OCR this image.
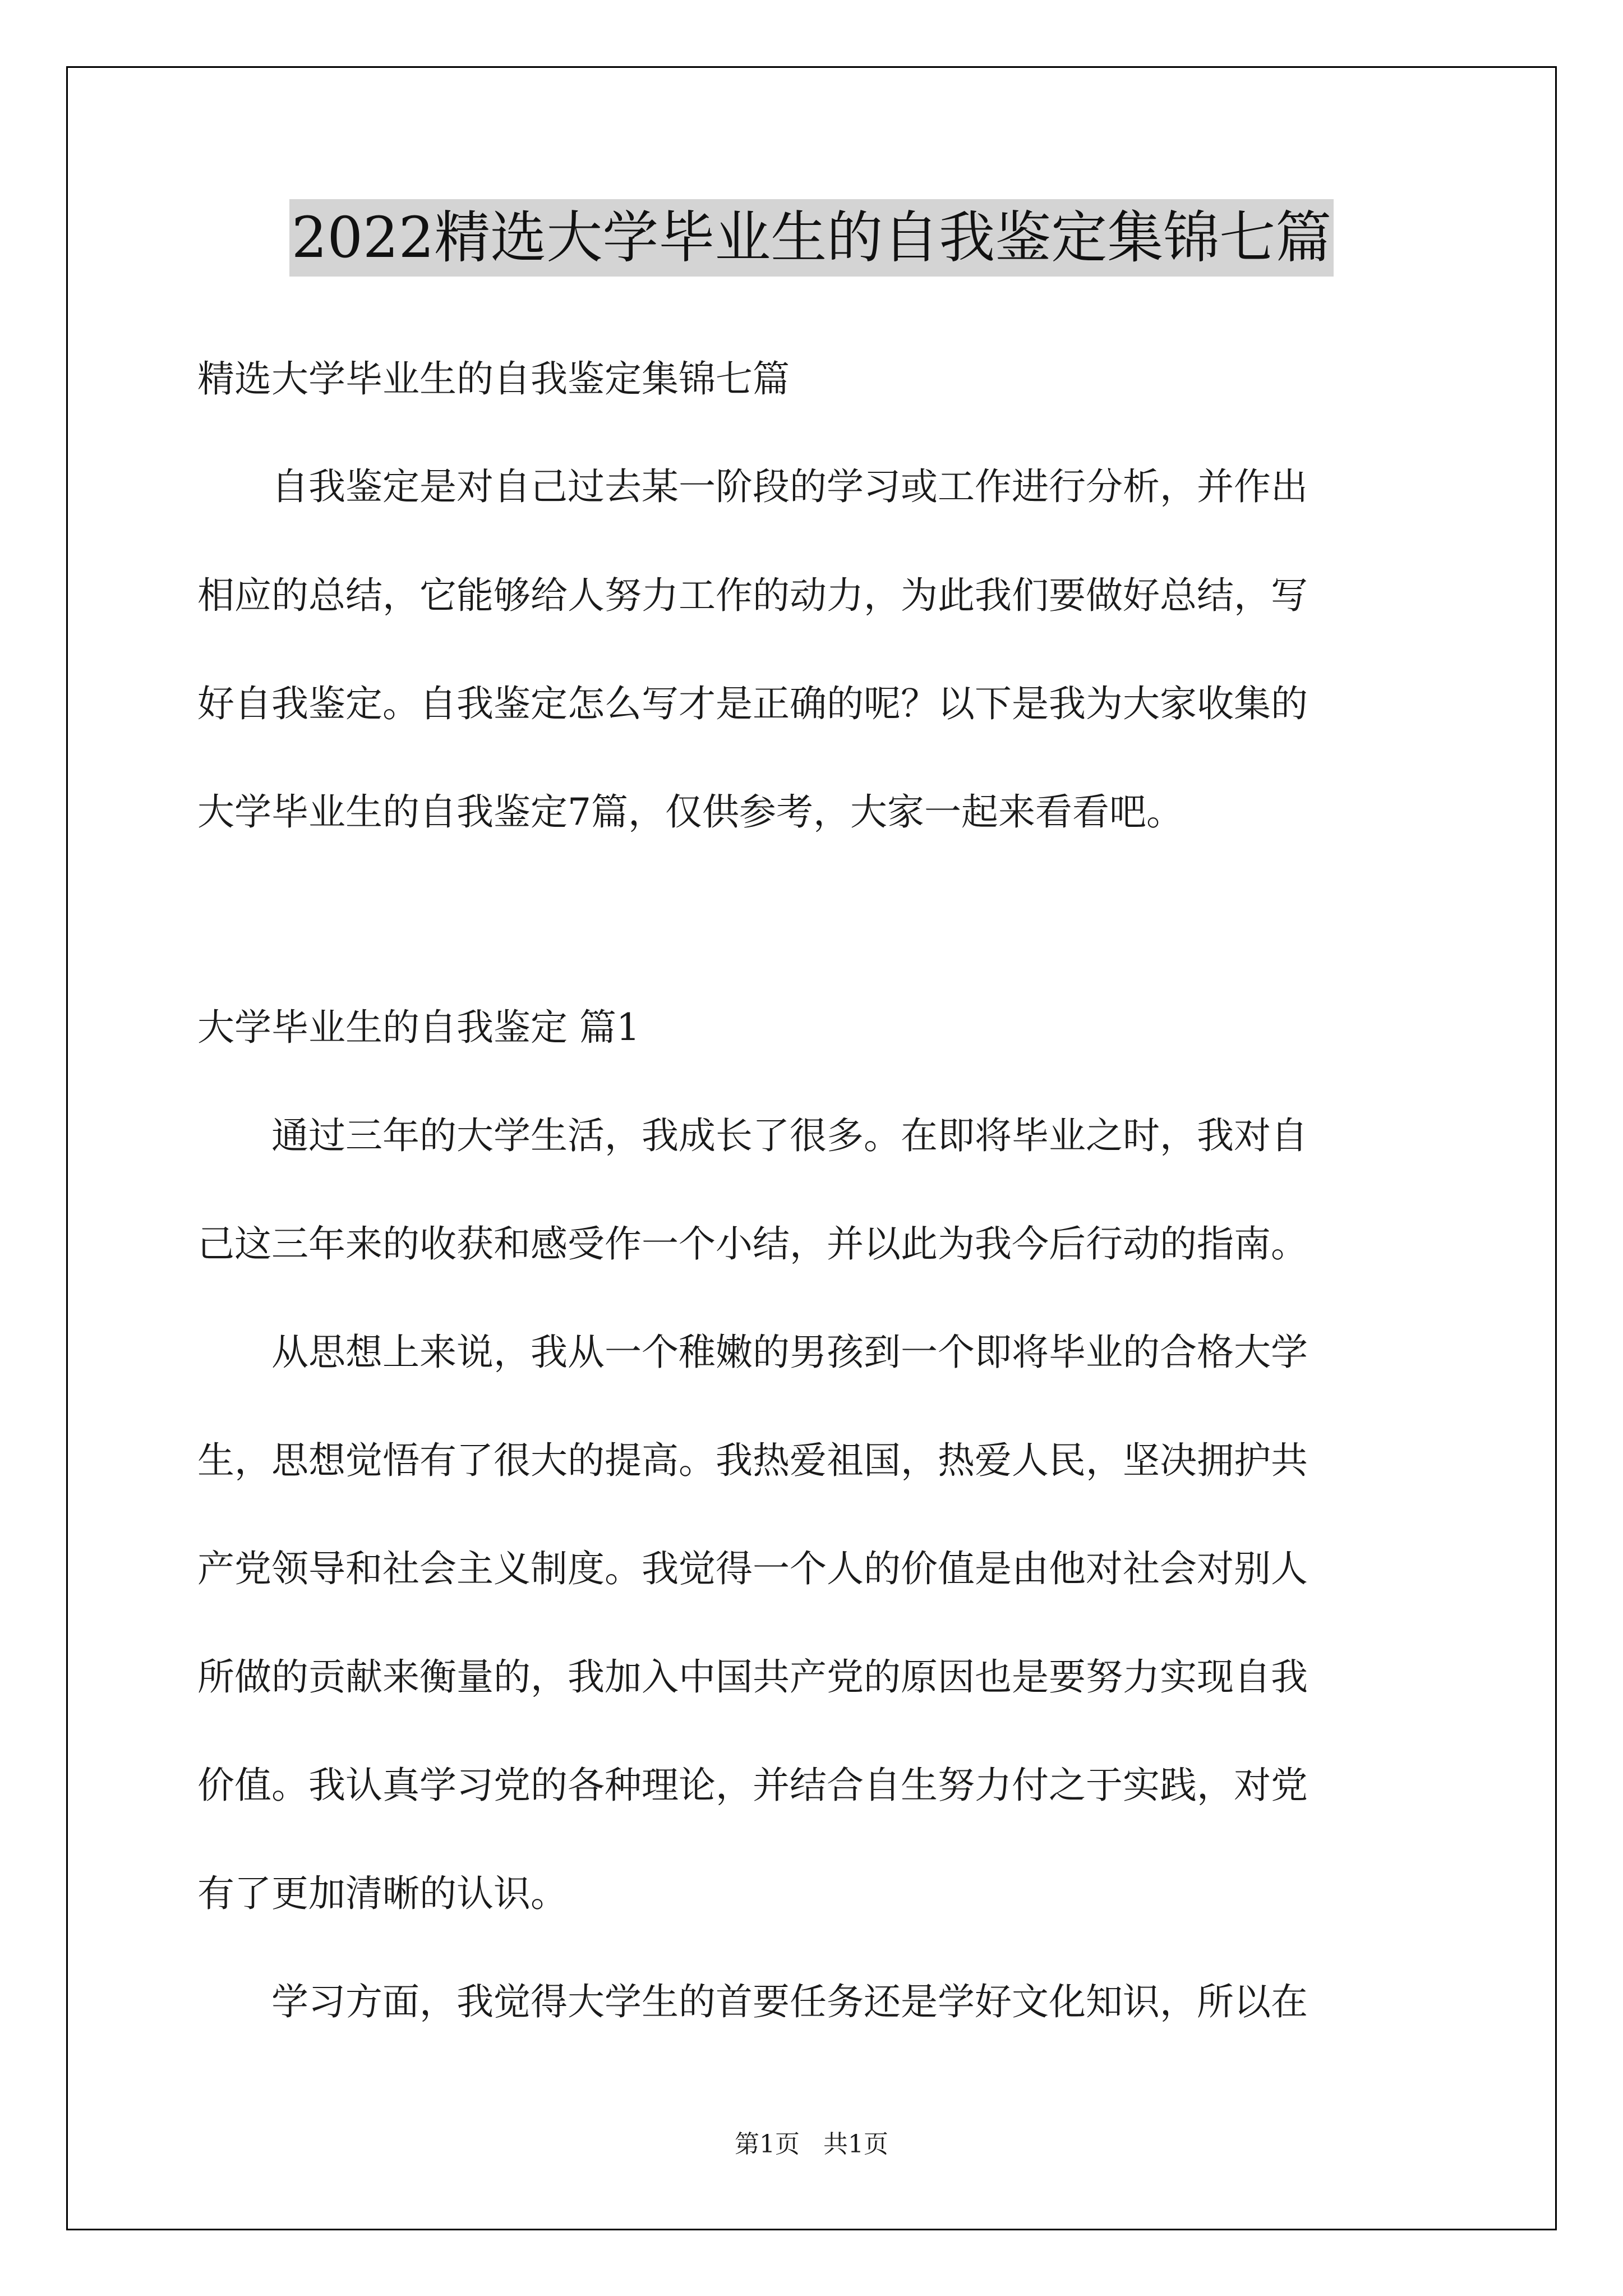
2022精选大学毕业生的自我鉴定集锦七篇
精选大学毕业生的自我鉴定集锦七篇
　　自我鉴定是对自己过去某一阶段的学习或工作进行分析，并作出
相应的总结，它能够给人努力工作的动力，为此我们要做好总结，写
好自我鉴定。自我鉴定怎么写才是正确的呢？以下是我为大家收集的
大学毕业生的自我鉴定7篇，仅供参考，大家一起来看看吧。
大学毕业生的自我鉴定 篇1
　　通过三年的大学生活，我成长了很多。在即将毕业之时，我对自
己这三年来的收获和感受作一个小结，并以此为我今后行动的指南。
　　从思想上来说，我从一个稚嫩的男孩到一个即将毕业的合格大学
生，思想觉悟有了很大的提高。我热爱祖国，热爱人民，坚决拥护共
产党领导和社会主义制度。我觉得一个人的价值是由他对社会对别人
所做的贡献来衡量的，我加入中国共产党的原因也是要努力实现自我
价值。我认真学习党的各种理论，并结合自生努力付之于实践，对党
有了更加清晰的认识。
　　学习方面，我觉得大学生的首要任务还是学好文化知识，所以在
第1页   共1页
